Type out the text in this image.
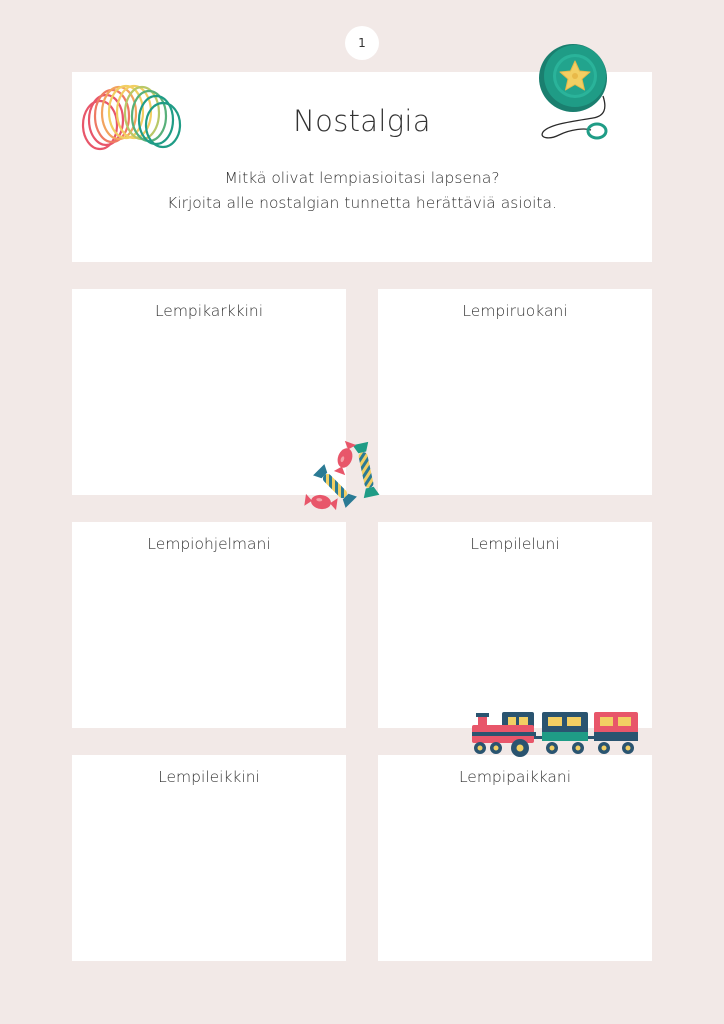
1
Nostalgia
Mitkä olivat lempiasioitasi lapsena?
Kirjoita alle nostalgian tunnetta herättäviä asioita.
Lempikarkkini	Lempiruokani
Lempiohjelmani	Lempileluni
Lempileikkini	Lempipaikkani
